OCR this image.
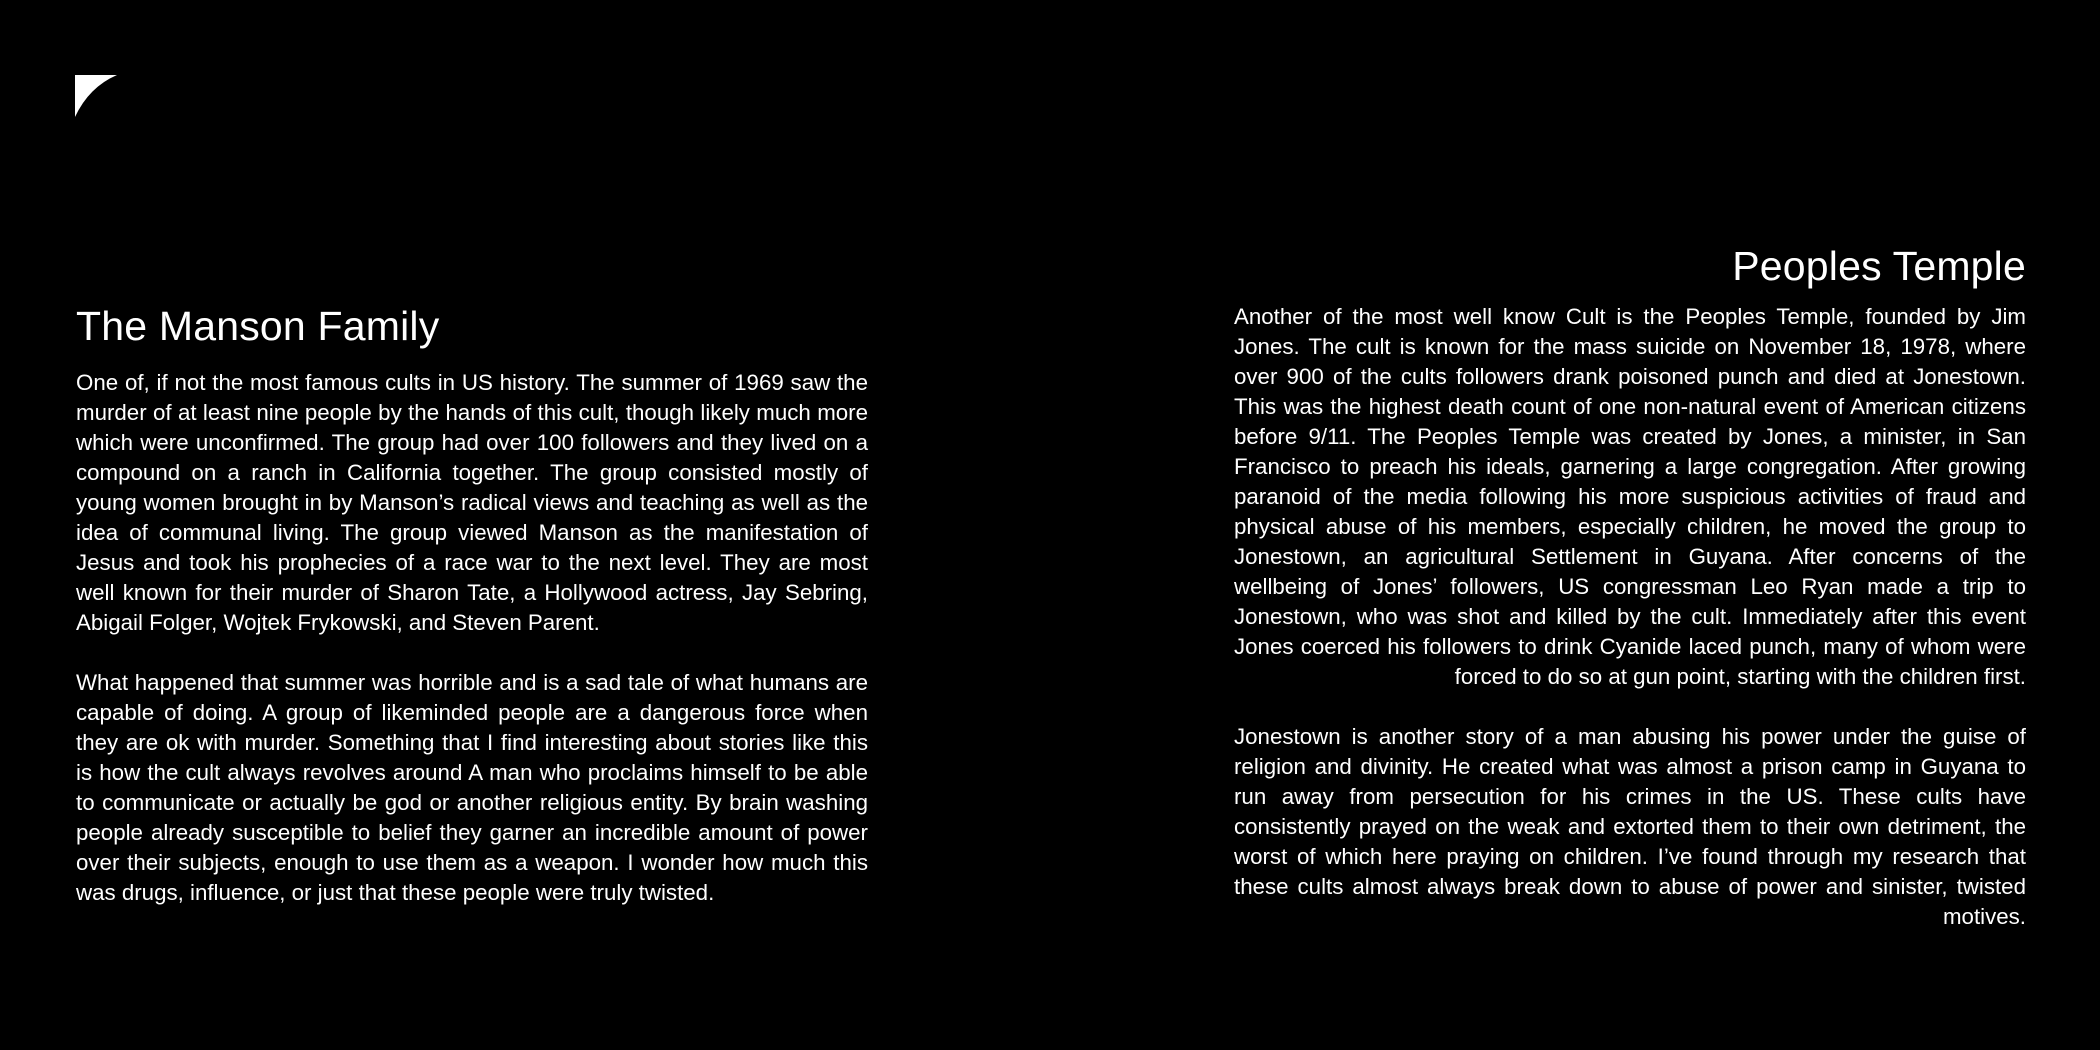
The Manson Family

One of, if not the most famous cults in US history. The summer of 1969 saw the murder of at least nine people by the hands of this cult, though likely much more which were unconfirmed. The group had over 100 followers and they lived on a compound on a ranch in California together. The group consisted mostly of young women brought in by Manson’s radical views and teaching as well as the idea of communal living. The group viewed Manson as the manifestation of Jesus and took his prophecies of a race war to the next level. They are most well known for their murder of Sharon Tate, a Hollywood actress, Jay Sebring, Abigail Folger, Wojtek Frykowski, and Steven Parent.

What happened that summer was horrible and is a sad tale of what humans are capable of doing. A group of likeminded people are a dangerous force when they are ok with murder. Something that I find interesting about stories like this is how the cult always revolves around A man who proclaims himself to be able to communicate or actually be god or another religious entity. By brain washing people already susceptible to belief they garner an incredible amount of power over their subjects, enough to use them as a weapon. I wonder how much this was drugs, influence, or just that these people were truly twisted.

Peoples Temple

Another of the most well know Cult is the Peoples Temple, founded by Jim Jones. The cult is known for the mass suicide on November 18, 1978, where over 900 of the cults followers drank poisoned punch and died at Jonestown. This was the highest death count of one non-natural event of American citizens before 9/11. The Peoples Temple was created by Jones, a minister, in San Francisco to preach his ideals, garnering a large congregation. After growing paranoid of the media following his more suspicious activities of fraud and physical abuse of his members, especially children, he moved the group to Jonestown, an agricultural Settlement in Guyana. After concerns of the wellbeing of Jones’ followers, US congressman Leo Ryan made a trip to Jonestown, who was shot and killed by the cult. Immediately after this event Jones coerced his followers to drink Cyanide laced punch, many of whom were forced to do so at gun point, starting with the children first.

Jonestown is another story of a man abusing his power under the guise of religion and divinity. He created what was almost a prison camp in Guyana to run away from persecution for his crimes in the US. These cults have consistently prayed on the weak and extorted them to their own detriment, the worst of which here praying on children. I’ve found through my research that these cults almost always break down to abuse of power and sinister, twisted motives.
